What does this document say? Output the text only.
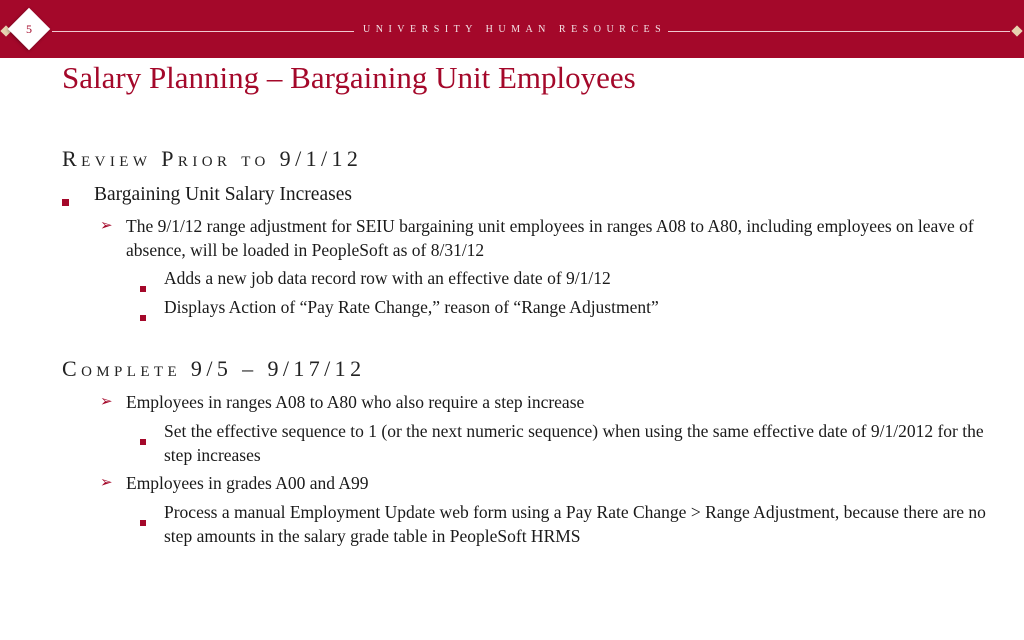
UNIVERSITY HUMAN RESOURCES
5
Salary Planning – Bargaining Unit Employees
Review Prior to 9/1/12
Bargaining Unit Salary Increases
➢ The 9/1/12 range adjustment for SEIU bargaining unit employees in ranges A08 to A80, including employees on leave of absence, will be loaded in PeopleSoft as of 8/31/12
Adds a new job data record row with an effective date of 9/1/12
Displays Action of “Pay Rate Change,” reason of “Range Adjustment”
Complete 9/5 – 9/17/12
➢ Employees in ranges A08 to A80 who also require a step increase
Set the effective sequence to 1 (or the next numeric sequence) when using the same effective date of 9/1/2012 for the step increases
➢ Employees in grades A00 and A99
Process a manual Employment Update web form using a Pay Rate Change > Range Adjustment, because there are no step amounts in the salary grade table in PeopleSoft HRMS
